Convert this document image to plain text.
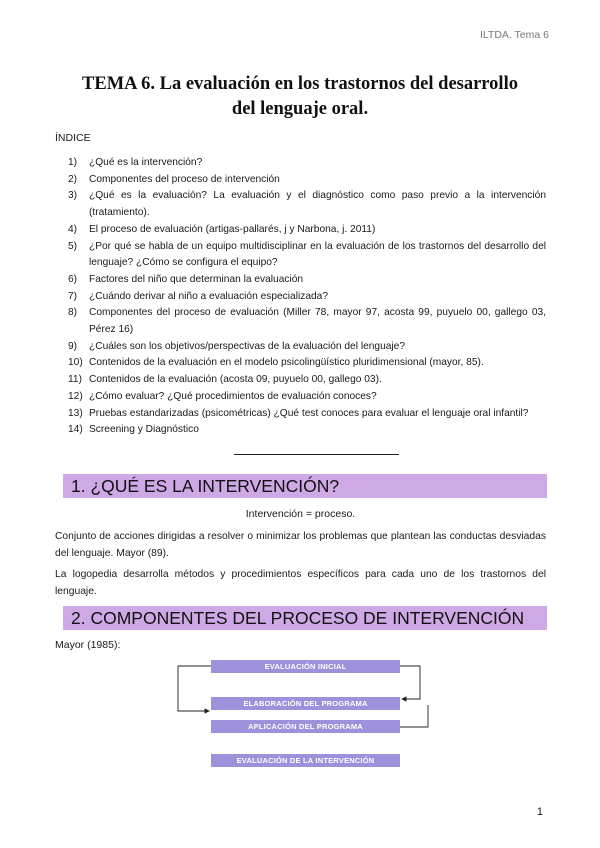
ILTDA. Tema 6
TEMA 6. La evaluación en los trastornos del desarrollo
del lenguaje oral.
ÍNDICE
1) ¿Qué es la intervención?
2) Componentes del proceso de intervención
3) ¿Qué es la evaluación? La evaluación y el diagnóstico como paso previo a la intervención (tratamiento).
4) El proceso de evaluación (artigas-pallarés, j y Narbona, j. 2011)
5) ¿Por qué se habla de un equipo multidisciplinar en la evaluación de los trastornos del desarrollo del lenguaje? ¿Cómo se configura el equipo?
6) Factores del niño que determinan la evaluación
7) ¿Cuándo derivar al niño a evaluación especializada?
8) Componentes del proceso de evaluación (Miller 78, mayor 97, acosta 99, puyuelo 00, gallego 03, Pérez 16)
9) ¿Cuáles son los objetivos/perspectivas de la evaluación del lenguaje?
10) Contenidos de la evaluación en el modelo psicolingüístico pluridimensional (mayor, 85).
11) Contenidos de la evaluación (acosta 09, puyuelo 00, gallego 03).
12) ¿Cómo evaluar? ¿Qué procedimientos de evaluación conoces?
13) Pruebas estandarizadas (psicométricas) ¿Qué test conoces para evaluar el lenguaje oral infantil?
14) Screening y Diagnóstico
1. ¿QUÉ ES LA INTERVENCIÓN?
Intervención = proceso.

Conjunto de acciones dirigidas a resolver o minimizar los problemas que plantean las conductas desviadas del lenguaje. Mayor (89).

La logopedia desarrolla métodos y procedimientos específicos para cada uno de los trastornos del lenguaje.

2. COMPONENTES DEL PROCESO DE INTERVENCIÓN
Mayor (1985):
EVALUACIÓN INICIAL
ELABORACIÓN DEL PROGRAMA
APLICACIÓN DEL PROGRAMA
EVALUACIÓN DE LA INTERVENCIÓN
1
